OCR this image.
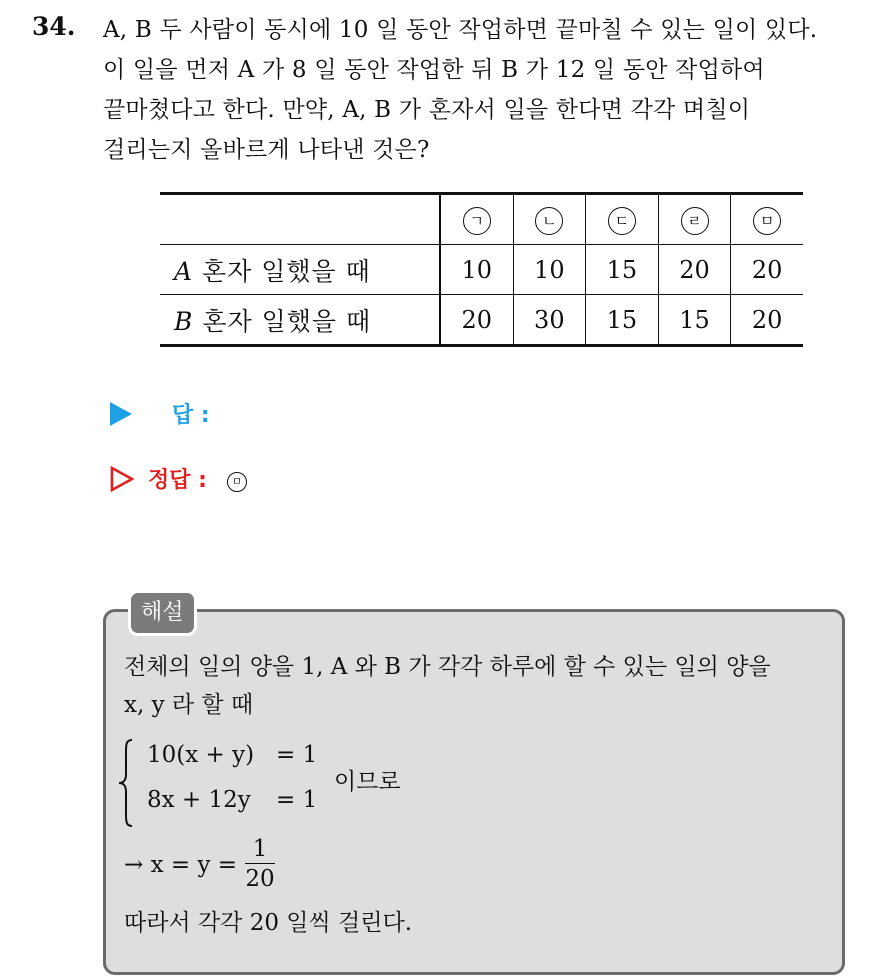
34. A, B 두 사람이 동시에 10 일 동안 작업하면 끝마칠 수 있는 일이 있다.

이 일을 먼저 A 가 8 일 동안 작업한 뒤 B 가 12 일 동안 작업하여

끝마쳤다고 한다. 만약, A, B 가 혼자서 일을 한다면 각각 며칠이

걸리는지 올바르게 나타낸 것은?

	ㄱ	ㄴ	ㄷ	ㄹ	ㅁ
A 혼자 일했을 때	10	10	15	20	20
B 혼자 일했을 때	20	30	15	15	20
답 :
정답 :	ㅁ
해설
전체의 일의 양을 1, A 와 B 가 각각 하루에 할 수 있는 일의 양을
x, y 라 할 때
10(x + y) = 1
8x + 12y = 1
이므로
→ $x = y = \frac{1}{20}$
따라서 각각 20 일씩 걸린다.
